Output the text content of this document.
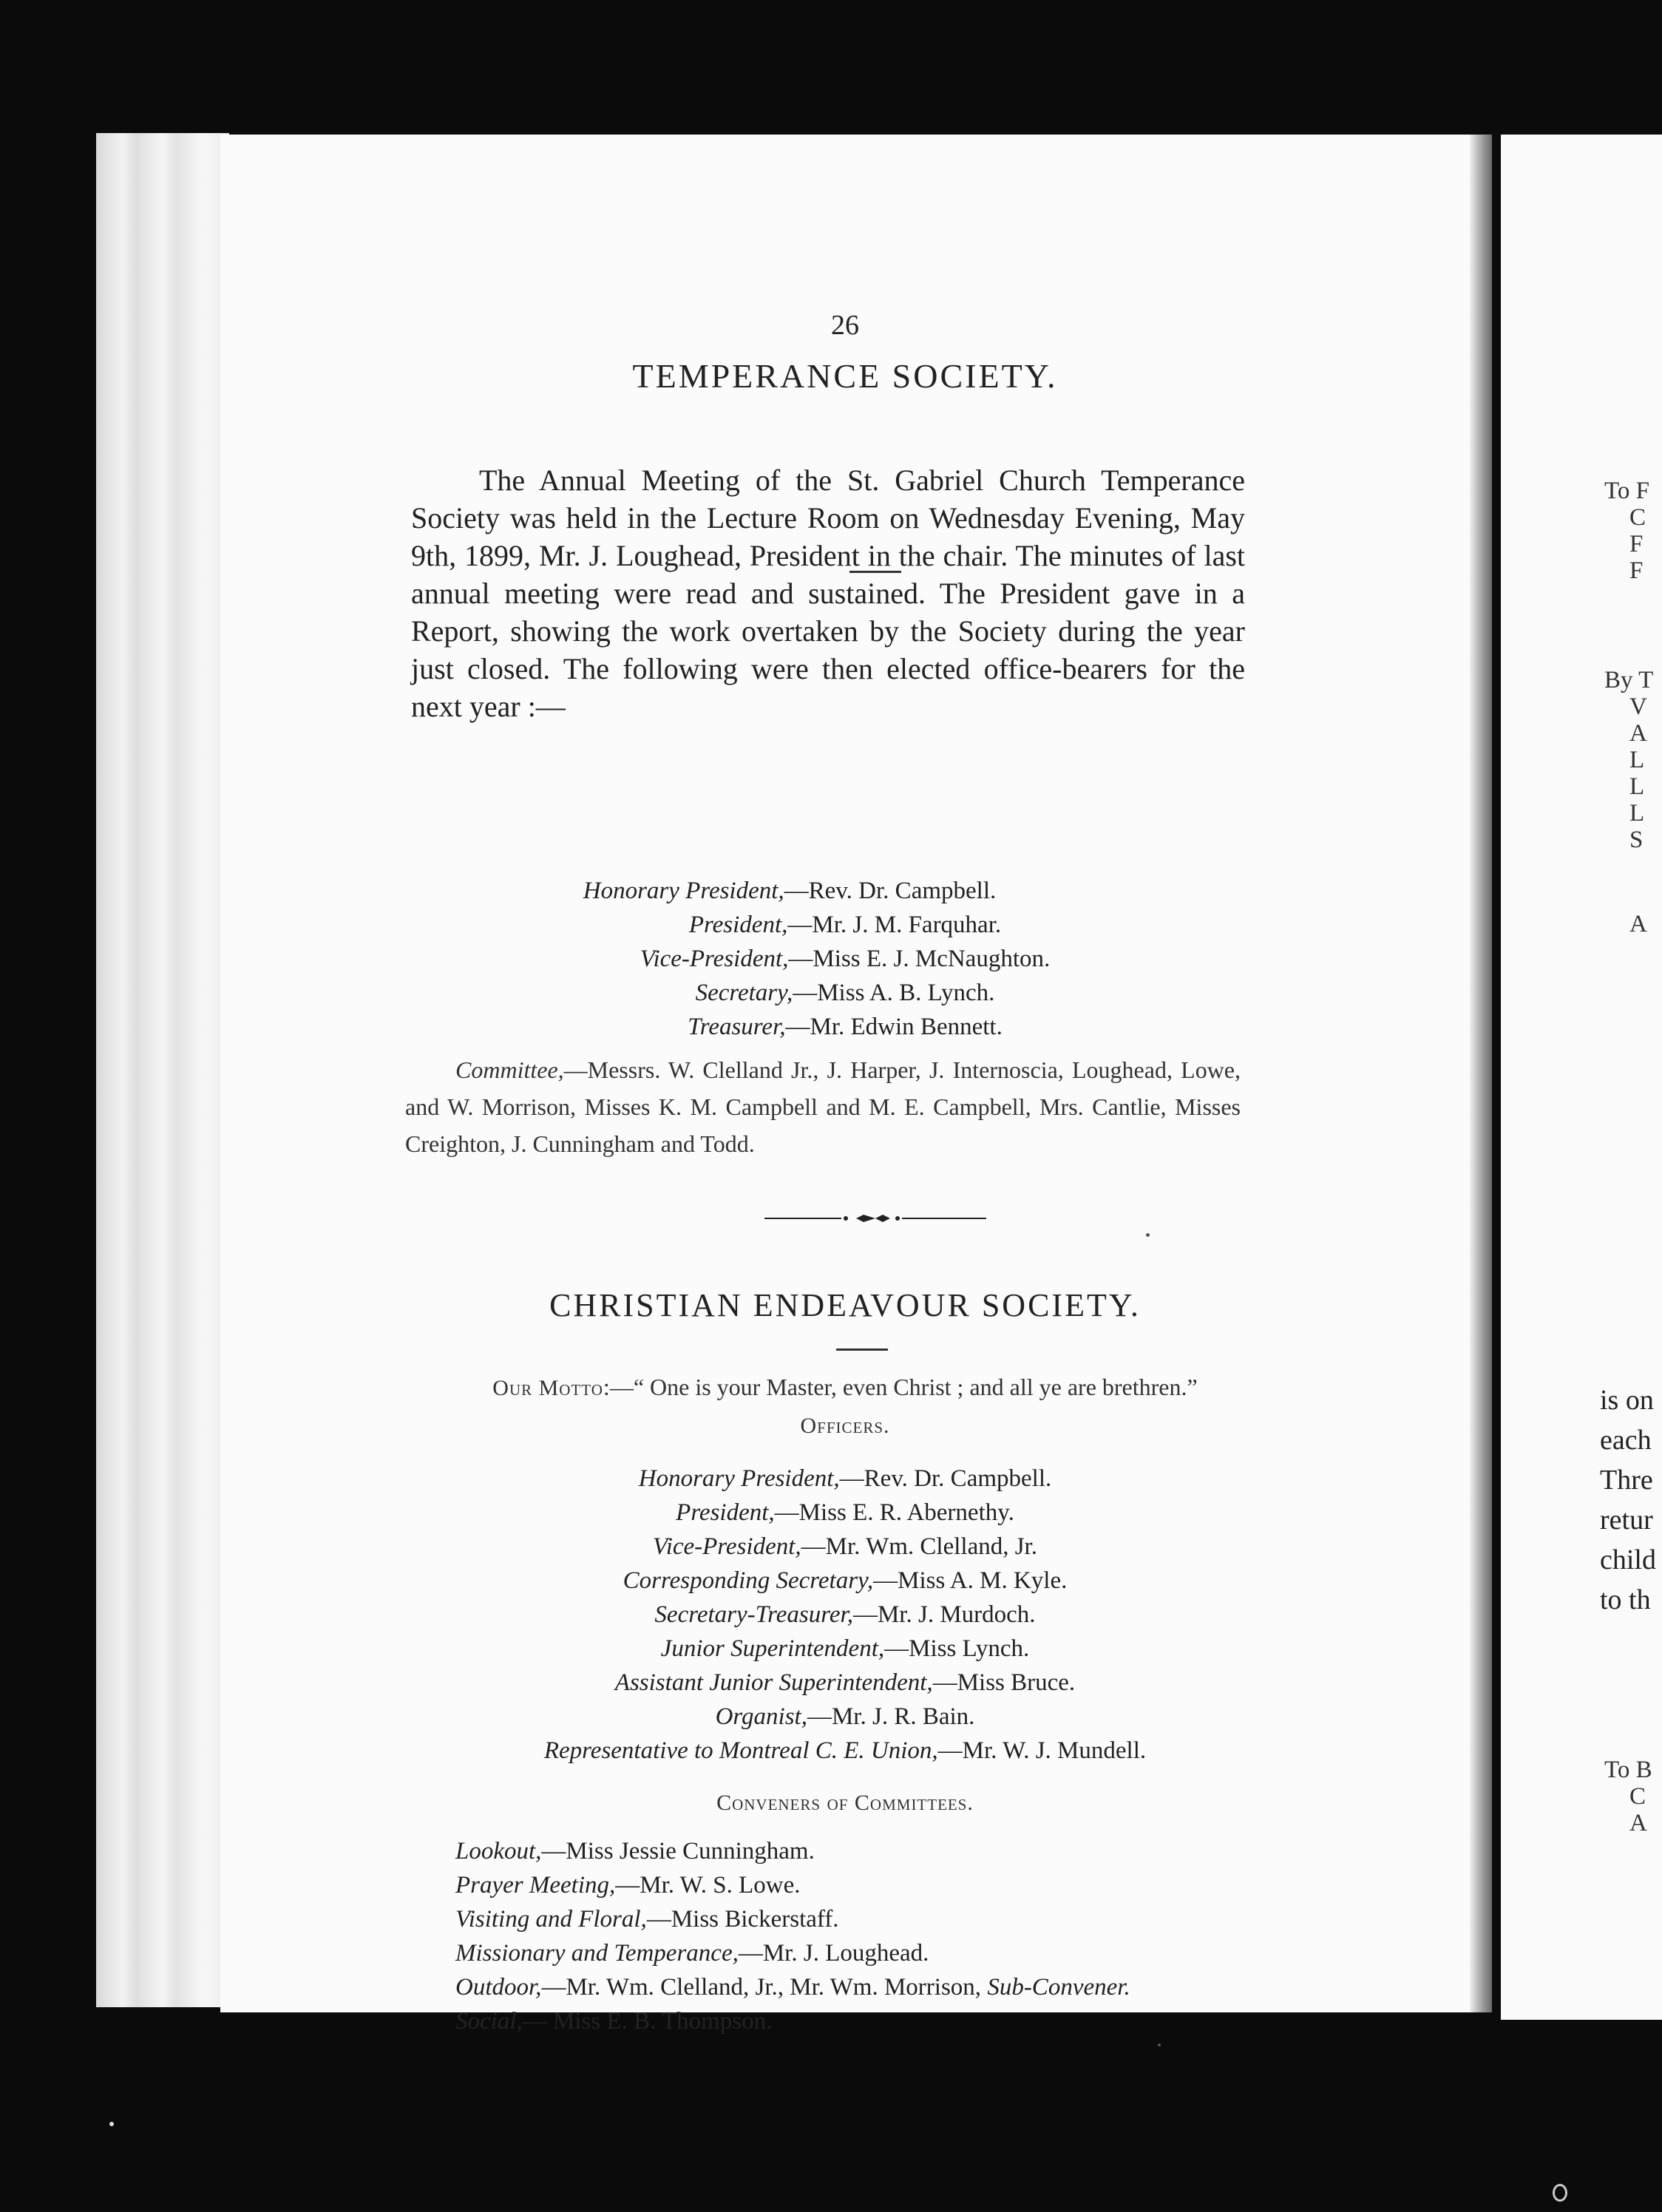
26
TEMPERANCE SOCIETY.

The Annual Meeting of the St. Gabriel Church Temperance Society was held in the Lecture Room on Wednesday Evening, May 9th, 1899, Mr. J. Loughead, President in the chair. The minutes of last annual meeting were read and sustained. The President gave in a Report, showing the work overtaken by the Society during the year just closed. The following were then elected office-bearers for the next year :—

Honorary President,—Rev. Dr. Campbell.
President,—Mr. J. M. Farquhar.
Vice-President,—Miss E. J. McNaughton.
Secretary,—Miss A. B. Lynch.
Treasurer,—Mr. Edwin Bennett.

Committee,—Messrs. W. Clelland Jr., J. Harper, J. Internoscia, Loughead, Lowe, and W. Morrison, Misses K. M. Campbell and M. E. Campbell, Mrs. Cantlie, Misses Creighton, J. Cunningham and Todd.

CHRISTIAN ENDEAVOUR SOCIETY.
Our Motto:—“ One is your Master, even Christ ; and all ye are brethren.”
Officers.
Honorary President,—Rev. Dr. Campbell.
President,—Miss E. R. Abernethy.
Vice-President,—Mr. Wm. Clelland, Jr.
Corresponding Secretary,—Miss A. M. Kyle.
Secretary-Treasurer,—Mr. J. Murdoch.
Junior Superintendent,—Miss Lynch.
Assistant Junior Superintendent,—Miss Bruce.
Organist,—Mr. J. R. Bain.
Representative to Montreal C. E. Union,—Mr. W. J. Mundell.
Conveners of Committees.
Lookout,—Miss Jessie Cunningham.
Prayer Meeting,—Mr. W. S. Lowe.
Visiting and Floral,—Miss Bickerstaff.
Missionary and Temperance,—Mr. J. Loughead.
Outdoor,—Mr. Wm. Clelland, Jr., Mr. Wm. Morrison, Sub-Convener.
Social,— Miss E. B. Thompson.
To F
C
F
F
By T
V
A
L
L
L
S
A
is on
each
Thre
retur
child
to th
To B
C
A
